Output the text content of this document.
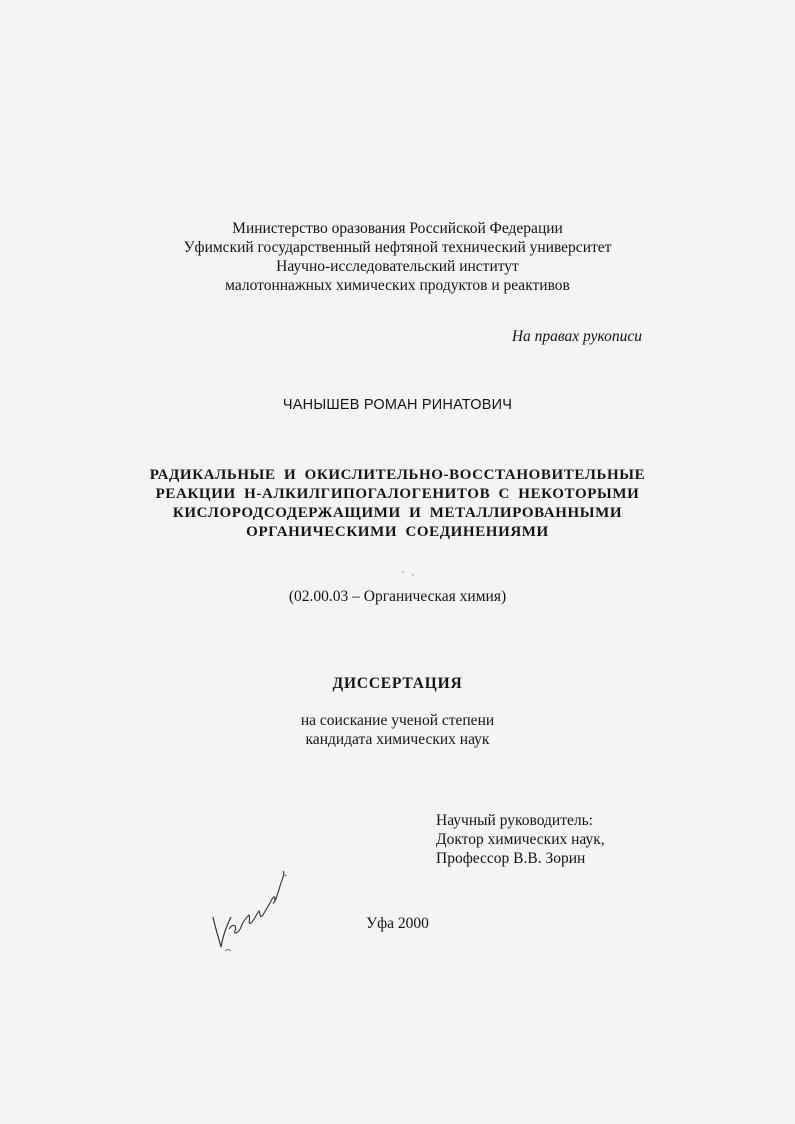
Министерство оразования Российской Федерации
Уфимский государственный нефтяной технический университет
Научно-исследовательский институт
малотоннажных химических продуктов и реактивов
На правах рукописи
ЧАНЫШЕВ РОМАН РИНАТОВИЧ
РАДИКАЛЬНЫЕ И ОКИСЛИТЕЛЬНО-ВОССТАНОВИТЕЛЬНЫЕ
РЕАКЦИИ Н-АЛКИЛГИПОГАЛОГЕНИТОВ С НЕКОТОРЫМИ
КИСЛОРОДСОДЕРЖАЩИМИ И МЕТАЛЛИРОВАННЫМИ
ОРГАНИЧЕСКИМИ СОЕДИНЕНИЯМИ
(02.00.03 – Органическая химия)
ДИССЕРТАЦИЯ
на соискание ученой степени
кандидата химических наук
Научный руководитель:
Доктор химических наук,
Профессор В.В. Зорин
Уфа 2000
